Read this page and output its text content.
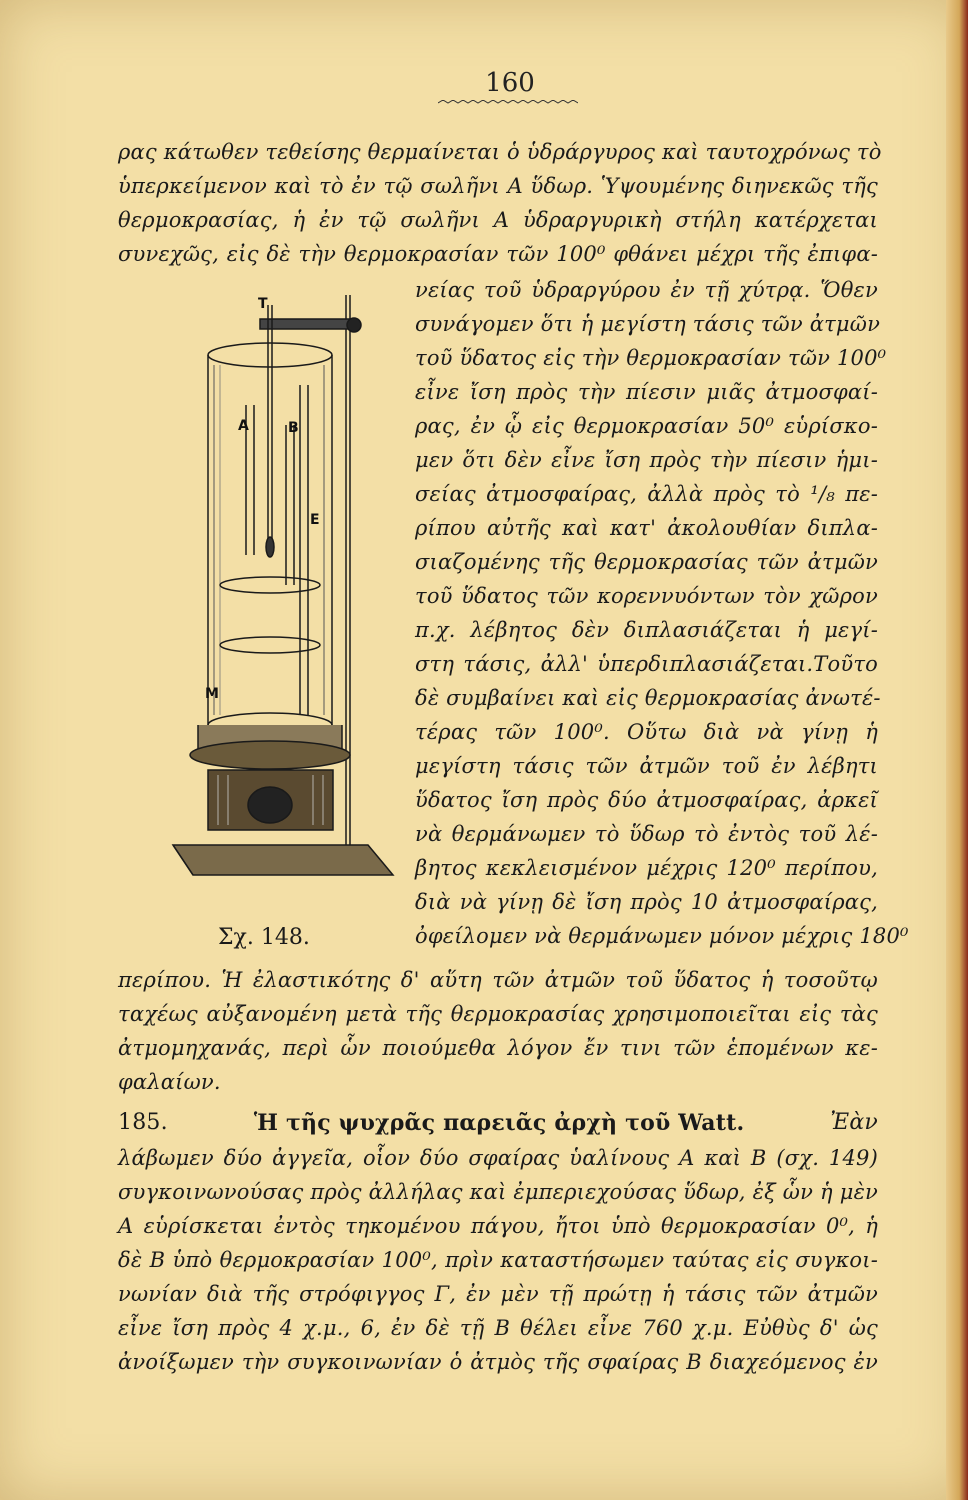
160
ρας κάτωθεν τεθείσης θερμαίνεται ὁ ὑδράργυρος καὶ ταυτοχρόνως τὸ
ὑπερκείμενον καὶ τὸ ἐν τῷ σωλῆνι Α ὕδωρ. Ὑψουμένης διηνεκῶς τῆς
θερμοκρασίας, ἡ ἐν τῷ σωλῆνι Α ὑδραργυρικὴ στήλη κατέρχεται
συνεχῶς, εἰς δὲ τὴν θερμοκρασίαν τῶν 100⁰ φθάνει μέχρι τῆς ἐπιφα-
T
A	B
E
M
Σχ. 148.
νείας τοῦ ὑδραργύρου ἐν τῇ χύτρᾳ. Ὅθεν
συνάγομεν ὅτι ἡ μεγίστη τάσις τῶν ἀτμῶν
τοῦ ὕδατος εἰς τὴν θερμοκρασίαν τῶν 100⁰
εἶνε ἴση πρὸς τὴν πίεσιν μιᾶς ἀτμοσφαί-
ρας, ἐν ᾧ εἰς θερμοκρασίαν 50⁰ εὑρίσκο-
μεν ὅτι δὲν εἶνε ἴση πρὸς τὴν πίεσιν ἡμι-
σείας ἀτμοσφαίρας, ἀλλὰ πρὸς τὸ ¹/₈ πε-
ρίπου αὐτῆς καὶ κατ' ἀκολουθίαν διπλα-
σιαζομένης τῆς θερμοκρασίας τῶν ἀτμῶν
τοῦ ὕδατος τῶν κορεννυόντων τὸν χῶρον
π.χ. λέβητος δὲν διπλασιάζεται ἡ μεγί-
στη τάσις, ἀλλ' ὑπερδιπλασιάζεται.Τοῦτο
δὲ συμβαίνει καὶ εἰς θερμοκρασίας ἀνωτέ-
τέρας τῶν 100⁰. Οὕτω διὰ νὰ γίνῃ ἡ
μεγίστη τάσις τῶν ἀτμῶν τοῦ ἐν λέβητι
ὕδατος ἴση πρὸς δύο ἀτμοσφαίρας, ἀρκεῖ
νὰ θερμάνωμεν τὸ ὕδωρ τὸ ἐντὸς τοῦ λέ-
βητος κεκλεισμένον μέχρις 120⁰ περίπου,
διὰ νὰ γίνῃ δὲ ἴση πρὸς 10 ἀτμοσφαίρας,
ὀφείλομεν νὰ θερμάνωμεν μόνον μέχρις 180⁰
περίπου. Ἡ ἐλαστικότης δ' αὕτη τῶν ἀτμῶν τοῦ ὕδατος ἡ τοσοῦτῳ
ταχέως αὐξανομένη μετὰ τῆς θερμοκρασίας χρησιμοποιεῖται εἰς τὰς
ἀτμομηχανάς, περὶ ὧν ποιούμεθα λόγον ἔν τινι τῶν ἑπομένων κε-
φαλαίων.
185.	Ἡ τῆς ψυχρᾶς παρειᾶς ἀρχὴ τοῦ Watt.	Ἐὰν
λάβωμεν δύο ἀγγεῖα, οἷον δύο σφαίρας ὑαλίνους Α καὶ Β (σχ. 149)
συγκοινωνούσας πρὸς ἀλλήλας καὶ ἐμπεριεχούσας ὕδωρ, ἐξ ὧν ἡ μὲν
Α εὑρίσκεται ἐντὸς τηκομένου πάγου, ἤτοι ὑπὸ θερμοκρασίαν 0⁰, ἡ
δὲ Β ὑπὸ θερμοκρασίαν 100⁰, πρὶν καταστήσωμεν ταύτας εἰς συγκοι-
νωνίαν διὰ τῆς στρόφιγγος Γ, ἐν μὲν τῇ πρώτῃ ἡ τάσις τῶν ἀτμῶν
εἶνε ἴση πρὸς 4 χ.μ., 6, ἐν δὲ τῇ Β θέλει εἶνε 760 χ.μ. Εὐθὺς δ' ὡς
ἀνοίξωμεν τὴν συγκοινωνίαν ὁ ἀτμὸς τῆς σφαίρας Β διαχεόμενος ἐν
